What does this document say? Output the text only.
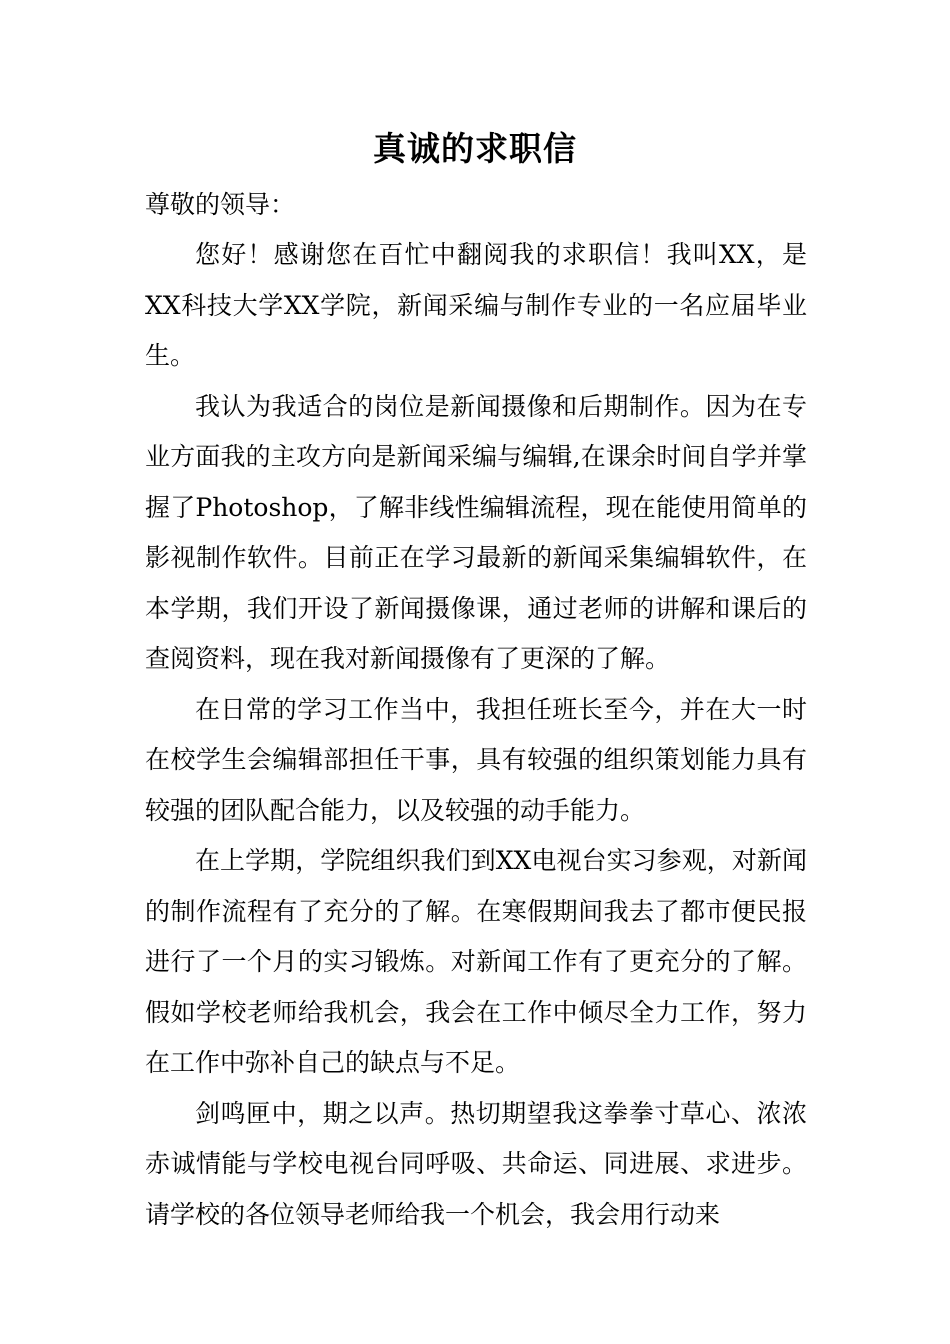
真诚的求职信

尊敬的领导：

您好！感谢您在百忙中翻阅我的求职信！我叫XX，是XX科技大学XX学院，新闻采编与制作专业的一名应届毕业生。

我认为我适合的岗位是新闻摄像和后期制作。因为在专业方面我的主攻方向是新闻采编与编辑,在课余时间自学并掌握了Photoshop，了解非线性编辑流程，现在能使用简单的影视制作软件。目前正在学习最新的新闻采集编辑软件，在本学期，我们开设了新闻摄像课，通过老师的讲解和课后的查阅资料，现在我对新闻摄像有了更深的了解。

在日常的学习工作当中，我担任班长至今，并在大一时在校学生会编辑部担任干事，具有较强的组织策划能力具有较强的团队配合能力，以及较强的动手能力。

在上学期，学院组织我们到XX电视台实习参观，对新闻的制作流程有了充分的了解。在寒假期间我去了都市便民报进行了一个月的实习锻炼。对新闻工作有了更充分的了解。假如学校老师给我机会，我会在工作中倾尽全力工作，努力在工作中弥补自己的缺点与不足。

剑鸣匣中，期之以声。热切期望我这拳拳寸草心、浓浓赤诚情能与学校电视台同呼吸、共命运、同进展、求进步。请学校的各位领导老师给我一个机会，我会用行动来
